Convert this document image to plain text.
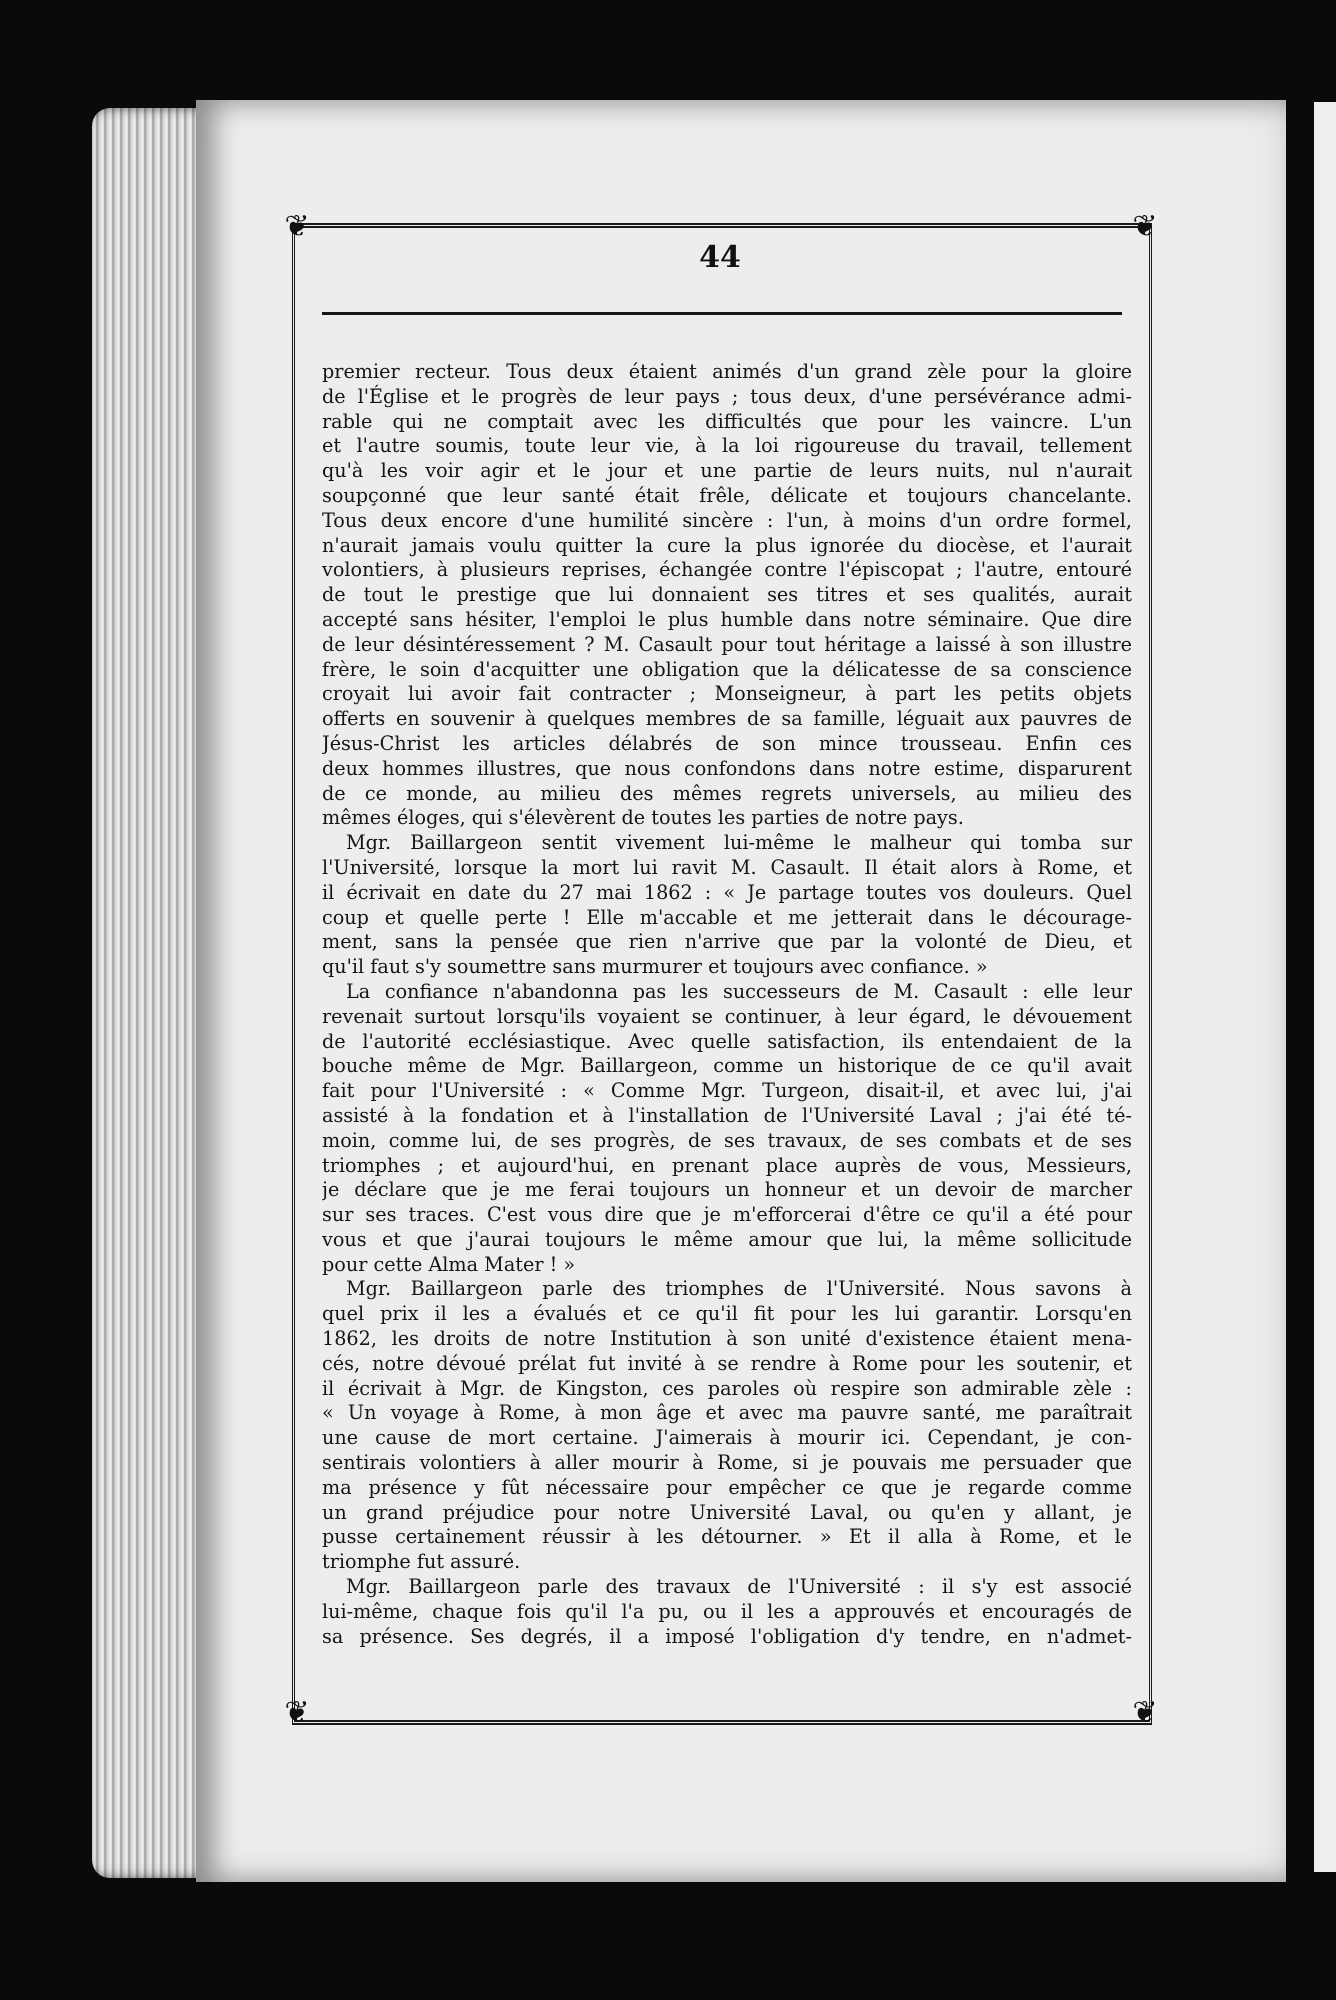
❦	❦
❦	❦
44
premier recteur. Tous deux étaient animés d'un grand zèle pour la gloire
de l'Église et le progrès de leur pays ; tous deux, d'une persévérance admi-
rable qui ne comptait avec les difficultés que pour les vaincre. L'un
et l'autre soumis, toute leur vie, à la loi rigoureuse du travail, tellement
qu'à les voir agir et le jour et une partie de leurs nuits, nul n'aurait
soupçonné que leur santé était frêle, délicate et toujours chancelante.
Tous deux encore d'une humilité sincère : l'un, à moins d'un ordre formel,
n'aurait jamais voulu quitter la cure la plus ignorée du diocèse, et l'aurait
volontiers, à plusieurs reprises, échangée contre l'épiscopat ; l'autre, entouré
de tout le prestige que lui donnaient ses titres et ses qualités, aurait
accepté sans hésiter, l'emploi le plus humble dans notre séminaire. Que dire
de leur désintéressement ? M. Casault pour tout héritage a laissé à son illustre
frère, le soin d'acquitter une obligation que la délicatesse de sa conscience
croyait lui avoir fait contracter ; Monseigneur, à part les petits objets
offerts en souvenir à quelques membres de sa famille, léguait aux pauvres de
Jésus-Christ les articles délabrés de son mince trousseau. Enfin ces
deux hommes illustres, que nous confondons dans notre estime, disparurent
de ce monde, au milieu des mêmes regrets universels, au milieu des
mêmes éloges, qui s'élevèrent de toutes les parties de notre pays.
Mgr. Baillargeon sentit vivement lui-même le malheur qui tomba sur
l'Université, lorsque la mort lui ravit M. Casault. Il était alors à Rome, et
il écrivait en date du 27 mai 1862 : « Je partage toutes vos douleurs. Quel
coup et quelle perte ! Elle m'accable et me jetterait dans le décourage-
ment, sans la pensée que rien n'arrive que par la volonté de Dieu, et
qu'il faut s'y soumettre sans murmurer et toujours avec confiance. »
La confiance n'abandonna pas les successeurs de M. Casault : elle leur
revenait surtout lorsqu'ils voyaient se continuer, à leur égard, le dévouement
de l'autorité ecclésiastique. Avec quelle satisfaction, ils entendaient de la
bouche même de Mgr. Baillargeon, comme un historique de ce qu'il avait
fait pour l'Université : « Comme Mgr. Turgeon, disait-il, et avec lui, j'ai
assisté à la fondation et à l'installation de l'Université Laval ; j'ai été té-
moin, comme lui, de ses progrès, de ses travaux, de ses combats et de ses
triomphes ; et aujourd'hui, en prenant place auprès de vous, Messieurs,
je déclare que je me ferai toujours un honneur et un devoir de marcher
sur ses traces. C'est vous dire que je m'efforcerai d'être ce qu'il a été pour
vous et que j'aurai toujours le même amour que lui, la même sollicitude
pour cette Alma Mater ! »
Mgr. Baillargeon parle des triomphes de l'Université. Nous savons à
quel prix il les a évalués et ce qu'il fit pour les lui garantir. Lorsqu'en
1862, les droits de notre Institution à son unité d'existence étaient mena-
cés, notre dévoué prélat fut invité à se rendre à Rome pour les soutenir, et
il écrivait à Mgr. de Kingston, ces paroles où respire son admirable zèle :
« Un voyage à Rome, à mon âge et avec ma pauvre santé, me paraîtrait
une cause de mort certaine. J'aimerais à mourir ici. Cependant, je con-
sentirais volontiers à aller mourir à Rome, si je pouvais me persuader que
ma présence y fût nécessaire pour empêcher ce que je regarde comme
un grand préjudice pour notre Université Laval, ou qu'en y allant, je
pusse certainement réussir à les détourner. » Et il alla à Rome, et le
triomphe fut assuré.
Mgr. Baillargeon parle des travaux de l'Université : il s'y est associé
lui-même, chaque fois qu'il l'a pu, ou il les a approuvés et encouragés de
sa présence. Ses degrés, il a imposé l'obligation d'y tendre, en n'admet-
